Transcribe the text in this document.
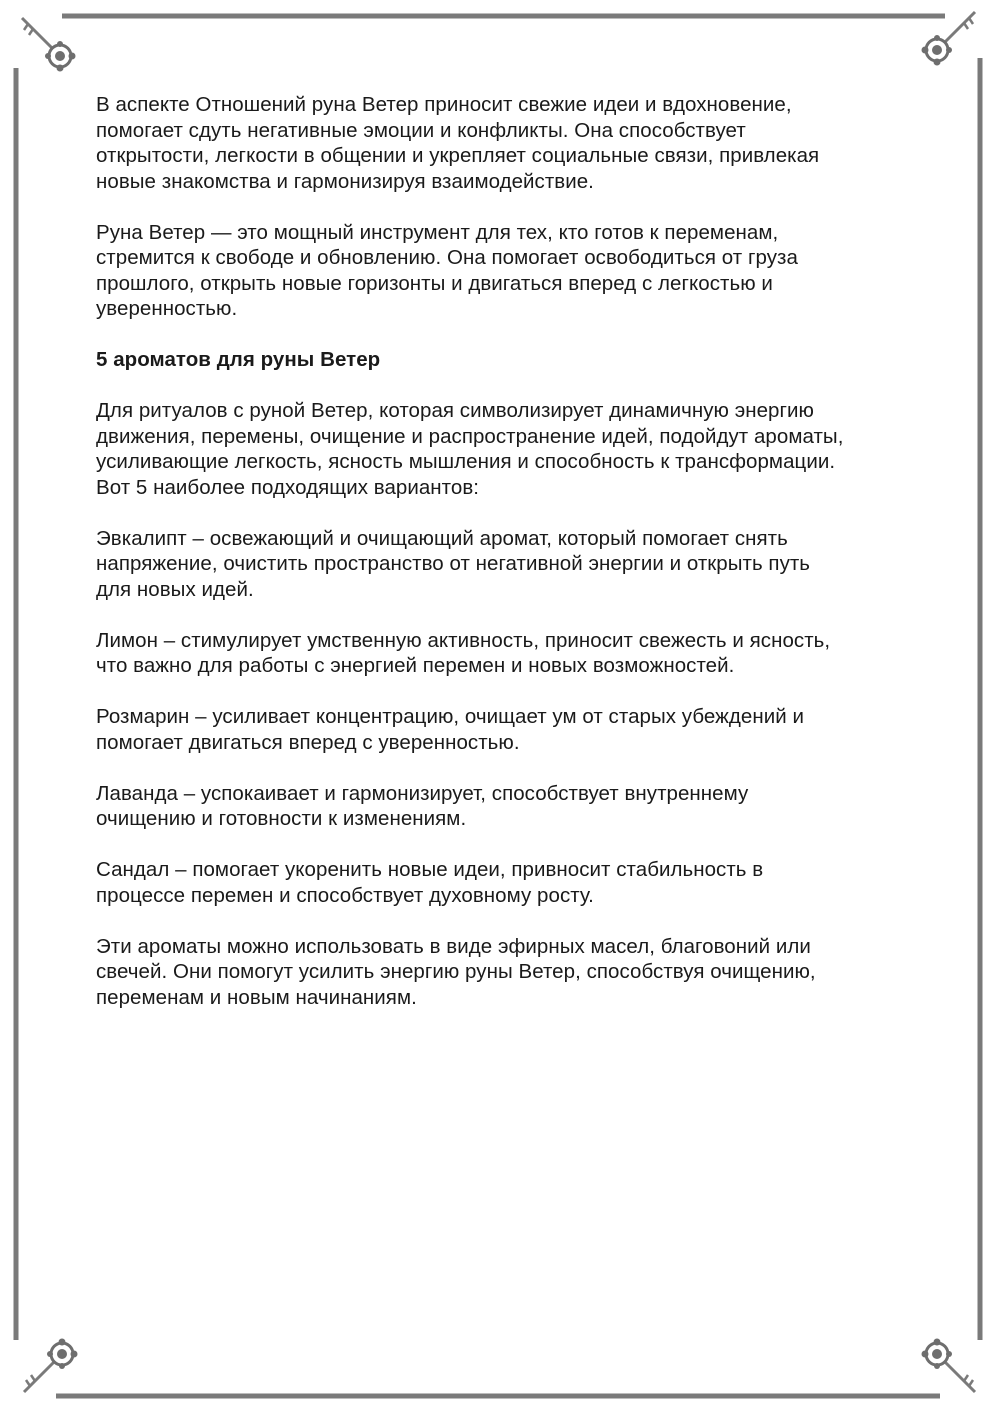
В аспекте Отношений руна Ветер приносит свежие идеи и вдохновение,
помогает сдуть негативные эмоции и конфликты. Она способствует
открытости, легкости в общении и укрепляет социальные связи, привлекая
новые знакомства и гармонизируя взаимодействие.
Руна Ветер — это мощный инструмент для тех, кто готов к переменам,
стремится к свободе и обновлению. Она помогает освободиться от груза
прошлого, открыть новые горизонты и двигаться вперед с легкостью и
уверенностью.
5 ароматов для руны Ветер
Для ритуалов с руной Ветер, которая символизирует динамичную энергию
движения, перемены, очищение и распространение идей, подойдут ароматы,
усиливающие легкость, ясность мышления и способность к трансформации.
Вот 5 наиболее подходящих вариантов:
Эвкалипт – освежающий и очищающий аромат, который помогает снять
напряжение, очистить пространство от негативной энергии и открыть путь
для новых идей.
Лимон – стимулирует умственную активность, приносит свежесть и ясность,
что важно для работы с энергией перемен и новых возможностей.
Розмарин – усиливает концентрацию, очищает ум от старых убеждений и
помогает двигаться вперед с уверенностью.
Лаванда – успокаивает и гармонизирует, способствует внутреннему
очищению и готовности к изменениям.
Сандал – помогает укоренить новые идеи, привносит стабильность в
процессе перемен и способствует духовному росту.
Эти ароматы можно использовать в виде эфирных масел, благовоний или
свечей. Они помогут усилить энергию руны Ветер, способствуя очищению,
переменам и новым начинаниям.
